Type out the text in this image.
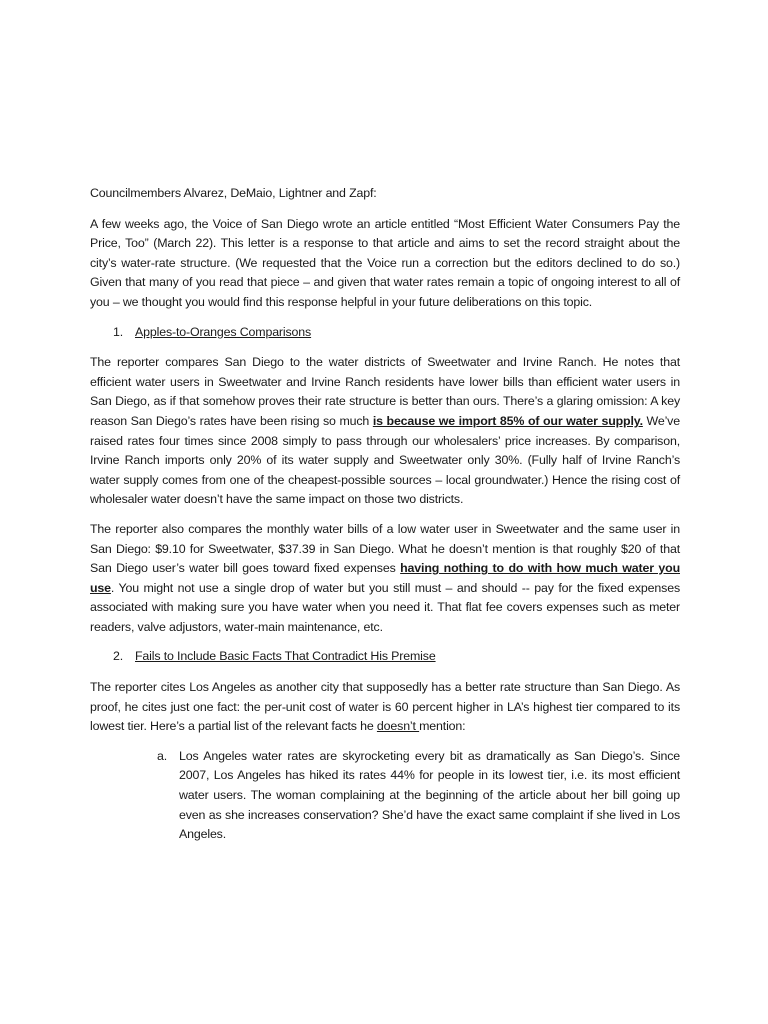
Councilmembers Alvarez, DeMaio, Lightner and Zapf:

A few weeks ago, the Voice of San Diego wrote an article entitled “Most Efficient Water Consumers Pay the Price, Too” (March 22). This letter is a response to that article and aims to set the record straight about the city’s water-rate structure. (We requested that the Voice run a correction but the editors declined to do so.) Given that many of you read that piece – and given that water rates remain a topic of ongoing interest to all of you – we thought you would find this response helpful in your future deliberations on this topic.

1. Apples-to-Oranges Comparisons

The reporter compares San Diego to the water districts of Sweetwater and Irvine Ranch. He notes that efficient water users in Sweetwater and Irvine Ranch residents have lower bills than efficient water users in San Diego, as if that somehow proves their rate structure is better than ours. There’s a glaring omission: A key reason San Diego’s rates have been rising so much is because we import 85% of our water supply. We’ve raised rates four times since 2008 simply to pass through our wholesalers’ price increases. By comparison, Irvine Ranch imports only 20% of its water supply and Sweetwater only 30%. (Fully half of Irvine Ranch’s water supply comes from one of the cheapest-possible sources – local groundwater.) Hence the rising cost of wholesaler water doesn’t have the same impact on those two districts.

The reporter also compares the monthly water bills of a low water user in Sweetwater and the same user in San Diego: $9.10 for Sweetwater, $37.39 in San Diego. What he doesn’t mention is that roughly $20 of that San Diego user’s water bill goes toward fixed expenses having nothing to do with how much water you use. You might not use a single drop of water but you still must – and should -- pay for the fixed expenses associated with making sure you have water when you need it. That flat fee covers expenses such as meter readers, valve adjustors, water-main maintenance, etc.

2. Fails to Include Basic Facts That Contradict His Premise

The reporter cites Los Angeles as another city that supposedly has a better rate structure than San Diego. As proof, he cites just one fact: the per-unit cost of water is 60 percent higher in LA’s highest tier compared to its lowest tier. Here’s a partial list of the relevant facts he doesn’t mention:

a. Los Angeles water rates are skyrocketing every bit as dramatically as San Diego’s. Since 2007, Los Angeles has hiked its rates 44% for people in its lowest tier, i.e. its most efficient water users. The woman complaining at the beginning of the article about her bill going up even as she increases conservation? She’d have the exact same complaint if she lived in Los Angeles.
